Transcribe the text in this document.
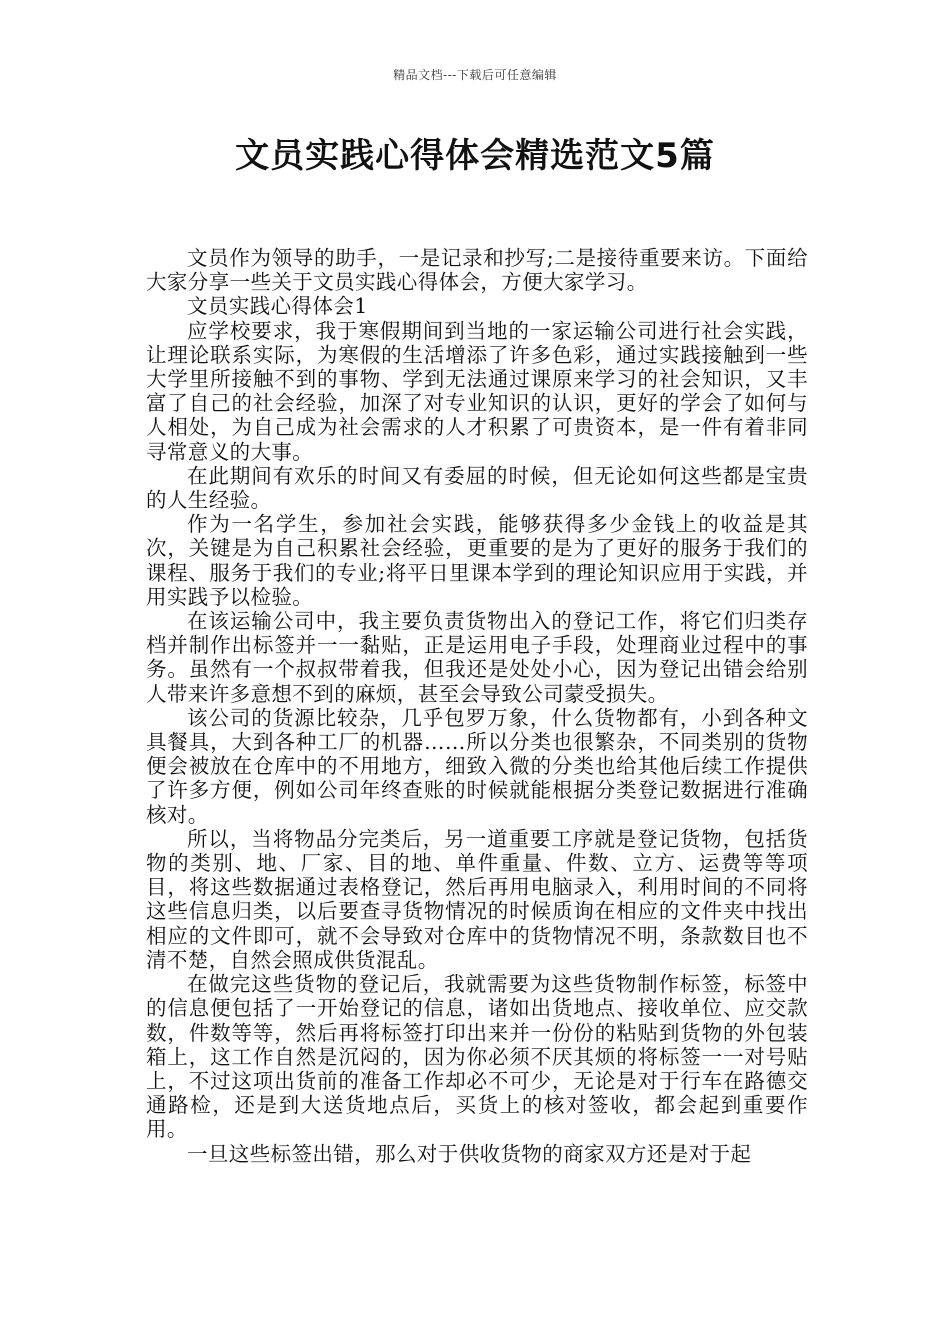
精品文档---下载后可任意编辑
文员实践心得体会精选范文5篇

文员作为领导的助手，一是记录和抄写;二是接待重要来访。下面给大家分享一些关于文员实践心得体会，方便大家学习。

文员实践心得体会1

应学校要求，我于寒假期间到当地的一家运输公司进行社会实践，让理论联系实际，为寒假的生活增添了许多色彩，通过实践接触到一些大学里所接触不到的事物、学到无法通过课原来学习的社会知识，又丰富了自己的社会经验，加深了对专业知识的认识，更好的学会了如何与人相处，为自己成为社会需求的人才积累了可贵资本，是一件有着非同寻常意义的大事。

在此期间有欢乐的时间又有委屈的时候，但无论如何这些都是宝贵的人生经验。

作为一名学生，参加社会实践，能够获得多少金钱上的收益是其次，关键是为自己积累社会经验，更重要的是为了更好的服务于我们的课程、服务于我们的专业;将平日里课本学到的理论知识应用于实践，并用实践予以检验。

在该运输公司中，我主要负责货物出入的登记工作，将它们归类存档并制作出标签并一一黏贴，正是运用电子手段，处理商业过程中的事务。虽然有一个叔叔带着我，但我还是处处小心，因为登记出错会给别人带来许多意想不到的麻烦，甚至会导致公司蒙受损失。

该公司的货源比较杂，几乎包罗万象，什么货物都有，小到各种文具餐具，大到各种工厂的机器……所以分类也很繁杂，不同类别的货物便会被放在仓库中的不用地方，细致入微的分类也给其他后续工作提供了许多方便，例如公司年终查账的时候就能根据分类登记数据进行准确核对。

所以，当将物品分完类后，另一道重要工序就是登记货物，包括货物的类别、地、厂家、目的地、单件重量、件数、立方、运费等等项目，将这些数据通过表格登记，然后再用电脑录入，利用时间的不同将这些信息归类，以后要查寻货物情况的时候质询在相应的文件夹中找出相应的文件即可，就不会导致对仓库中的货物情况不明，条款数目也不清不楚，自然会照成供货混乱。

在做完这些货物的登记后，我就需要为这些货物制作标签，标签中的信息便包括了一开始登记的信息，诸如出货地点、接收单位、应交款数，件数等等，然后再将标签打印出来并一份份的粘贴到货物的外包装箱上，这工作自然是沉闷的，因为你必须不厌其烦的将标签一一对号贴上，不过这项出货前的准备工作却必不可少，无论是对于行车在路德交通路检，还是到大送货地点后，买货上的核对签收，都会起到重要作用。

一旦这些标签出错，那么对于供收货物的商家双方还是对于起
